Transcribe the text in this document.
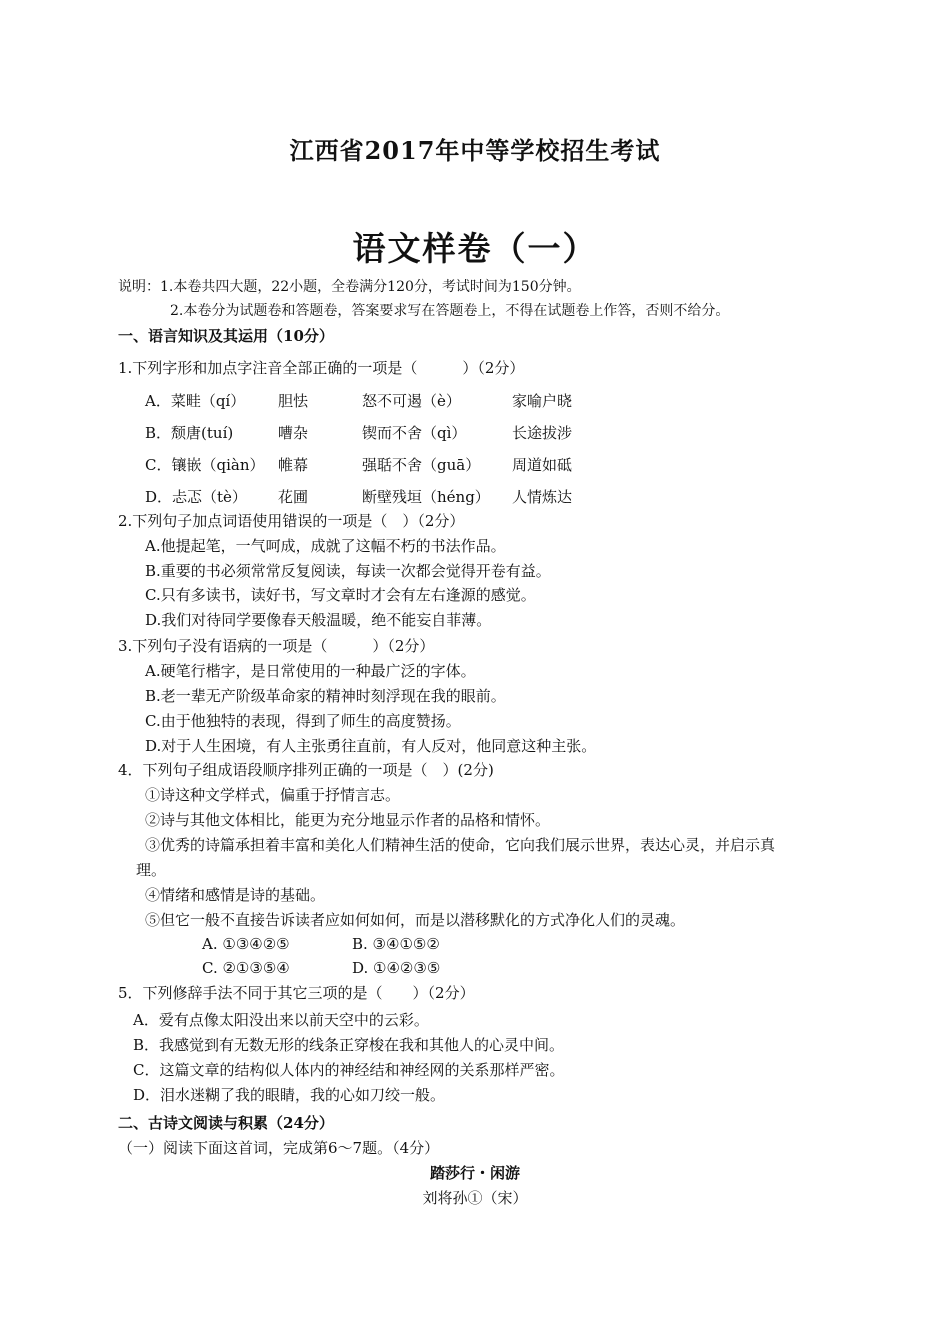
江西省2017年中等学校招生考试
语文样卷（一）
说明：1.本卷共四大题，22小题，全卷满分120分，考试时间为150分钟。
2.本卷分为试题卷和答题卷，答案要求写在答题卷上，不得在试题卷上作答，否则不给分。
一、语言知识及其运用（10分）
1.下列字形和加点字注音全部正确的一项是（　　　）（2分）
A．菜畦（qí） 胆怯	怒不可遏（è）	家喻户晓
B．颓唐(tuí)	嘈杂	锲而不舍（qì）	长途拔涉
C．镶嵌（qiàn） 帷幕	强聒不舍（guā） 周道如砥
D．忐忑（tè） 花圃	断壁残垣（héng） 人情炼达
2.下列句子加点词语使用错误的一项是（　）（2分）
A.他提起笔，一气呵成，成就了这幅不朽的书法作品。
B.重要的书必须常常反复阅读，每读一次都会觉得开卷有益。
C.只有多读书，读好书，写文章时才会有左右逢源的感觉。
D.我们对待同学要像春天般温暖，绝不能妄自菲薄。
3.下列句子没有语病的一项是（　　　）（2分）
A.硬笔行楷字，是日常使用的一种最广泛的字体。
B.老一辈无产阶级革命家的精神时刻浮现在我的眼前。
C.由于他独特的表现，得到了师生的高度赞扬。
D.对于人生困境，有人主张勇往直前，有人反对，他同意这种主张。
4．下列句子组成语段顺序排列正确的一项是（　）(2分)
①诗这种文学样式，偏重于抒情言志。
②诗与其他文体相比，能更为充分地显示作者的品格和情怀。
③优秀的诗篇承担着丰富和美化人们精神生活的使命，它向我们展示世界，表达心灵，并启示真
理。
④情绪和感情是诗的基础。
⑤但它一般不直接告诉读者应如何如何，而是以潜移默化的方式净化人们的灵魂。
A. ①③④②⑤	B. ③④①⑤②
C. ②①③⑤④	D. ①④②③⑤
5．下列修辞手法不同于其它三项的是（　　）（2分）
A．爱有点像太阳没出来以前天空中的云彩。
B．我感觉到有无数无形的线条正穿梭在我和其他人的心灵中间。
C．这篇文章的结构似人体内的神经结和神经网的关系那样严密。
D．泪水迷糊了我的眼睛，我的心如刀绞一般。
二、古诗文阅读与积累（24分）
（一）阅读下面这首词，完成第6～7题。（4分）
踏莎行・闲游
刘将孙①（宋）
